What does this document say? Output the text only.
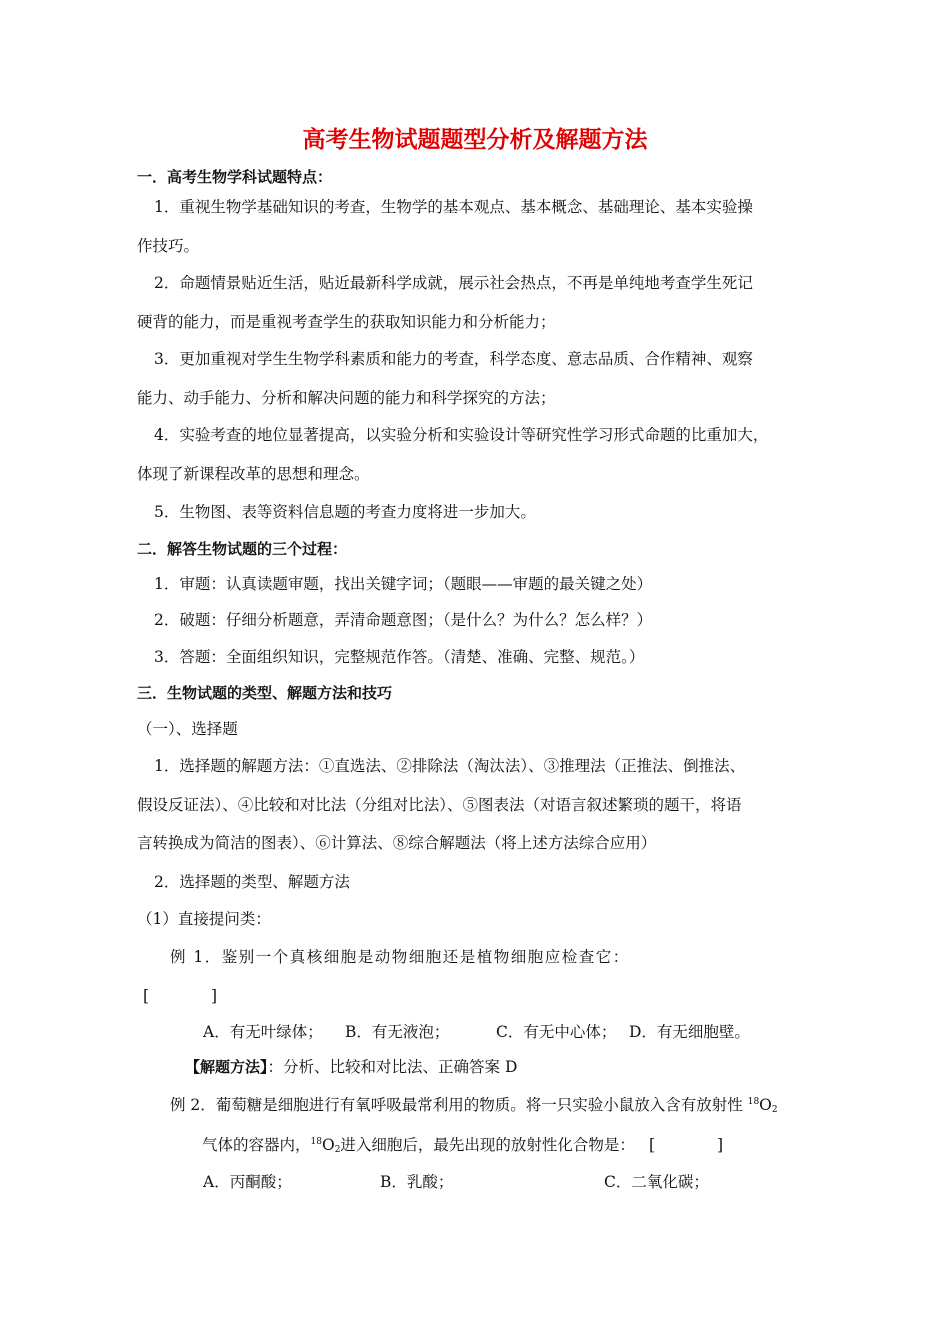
高考生物试题题型分析及解题方法
一．高考生物学科试题特点：
1．重视生物学基础知识的考查，生物学的基本观点、基本概念、基础理论、基本实验操
作技巧。
2．命题情景贴近生活，贴近最新科学成就，展示社会热点，不再是单纯地考查学生死记
硬背的能力，而是重视考查学生的获取知识能力和分析能力；
3．更加重视对学生生物学科素质和能力的考查，科学态度、意志品质、合作精神、观察
能力、动手能力、分析和解决问题的能力和科学探究的方法；
4．实验考查的地位显著提高，以实验分析和实验设计等研究性学习形式命题的比重加大，
体现了新课程改革的思想和理念。
5．生物图、表等资料信息题的考查力度将进一步加大。
二．解答生物试题的三个过程：
1．审题：认真读题审题，找出关键字词；（题眼——审题的最关键之处）
2．破题：仔细分析题意，弄清命题意图；（是什么？为什么？怎么样？）
3．答题：全面组织知识，完整规范作答。（清楚、准确、完整、规范。）
三．生物试题的类型、解题方法和技巧
（一）、选择题
1．选择题的解题方法：①直选法、②排除法（淘汰法）、③推理法（正推法、倒推法、
假设反证法）、④比较和对比法（分组对比法）、⑤图表法（对语言叙述繁琐的题干，将语
言转换成为简洁的图表）、⑥计算法、⑧综合解题法（将上述方法综合应用）
2．选择题的类型、解题方法
（1）直接提问类：
例 1．鉴别一个真核细胞是动物细胞还是植物细胞应检查它：
[　　　　]
A．有无叶绿体； B．有无液泡；	C．有无中心体； D．有无细胞壁。
【解题方法】：分析、比较和对比法、正确答案 D
例 2．葡萄糖是细胞进行有氧呼吸最常利用的物质。将一只实验小鼠放入含有放射性 $^{18}O_2$
气体的容器内，$^{18}O_2$进入细胞后，最先出现的放射性化合物是： [　　　　]
A．丙酮酸；	B．乳酸；	C．二氧化碳；
